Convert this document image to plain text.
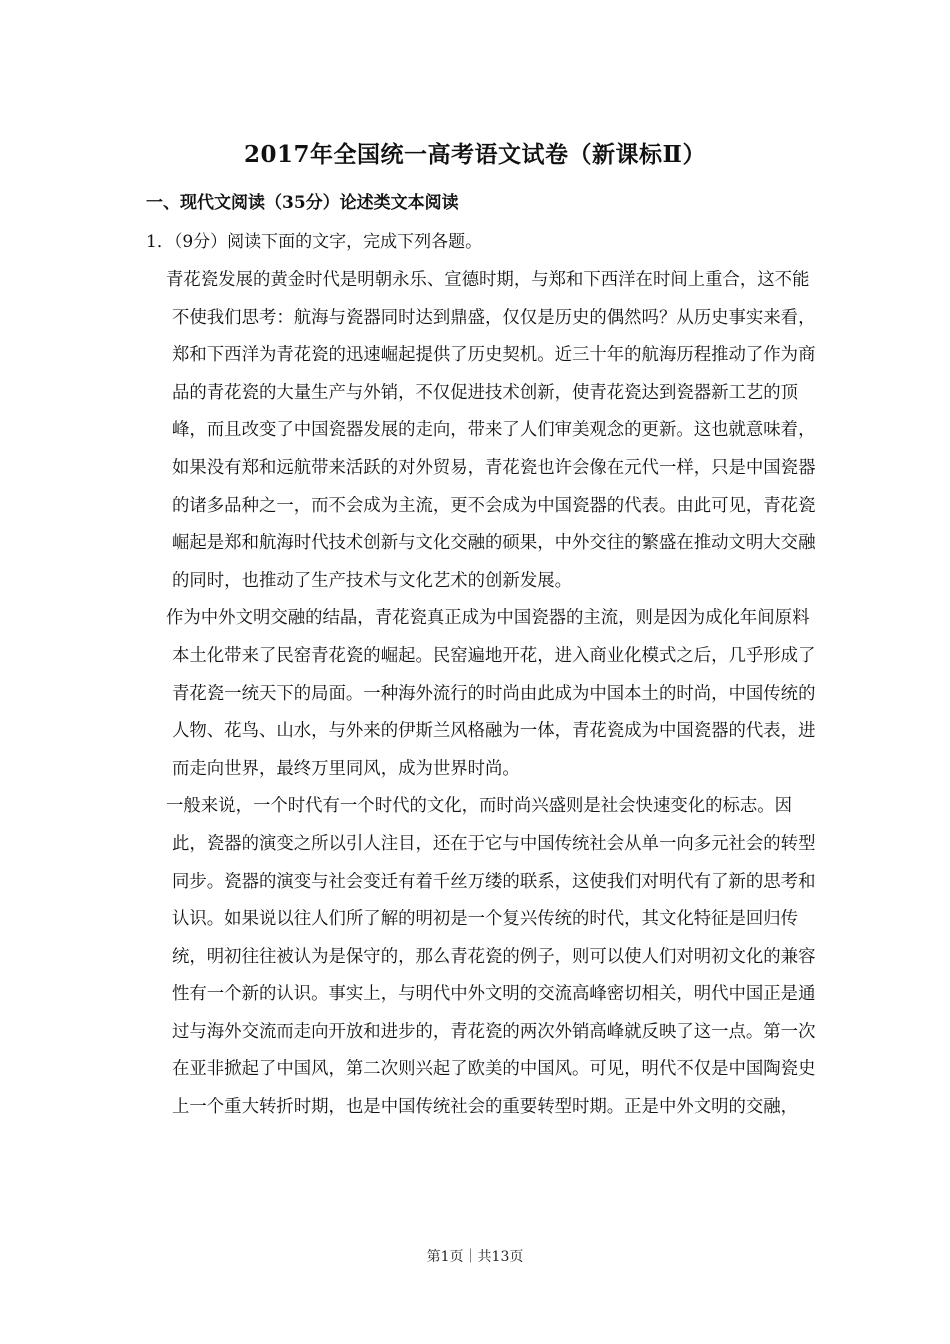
2017年全国统一高考语文试卷（新课标Ⅱ）
一、现代文阅读（35分）论述类文本阅读
1．（9分）阅读下面的文字，完成下列各题。

青花瓷发展的黄金时代是明朝永乐、宣德时期，与郑和下西洋在时间上重合，这不能不使我们思考：航海与瓷器同时达到鼎盛，仅仅是历史的偶然吗？从历史事实来看，郑和下西洋为青花瓷的迅速崛起提供了历史契机。近三十年的航海历程推动了作为商品的青花瓷的大量生产与外销，不仅促进技术创新，使青花瓷达到瓷器新工艺的顶峰，而且改变了中国瓷器发展的走向，带来了人们审美观念的更新。这也就意味着，如果没有郑和远航带来活跃的对外贸易，青花瓷也许会像在元代一样，只是中国瓷器的诸多品种之一，而不会成为主流，更不会成为中国瓷器的代表。由此可见，青花瓷崛起是郑和航海时代技术创新与文化交融的硕果，中外交往的繁盛在推动文明大交融的同时，也推动了生产技术与文化艺术的创新发展。

作为中外文明交融的结晶，青花瓷真正成为中国瓷器的主流，则是因为成化年间原料本土化带来了民窑青花瓷的崛起。民窑遍地开花，进入商业化模式之后，几乎形成了青花瓷一统天下的局面。一种海外流行的时尚由此成为中国本土的时尚，中国传统的人物、花鸟、山水，与外来的伊斯兰风格融为一体，青花瓷成为中国瓷器的代表，进而走向世界，最终万里同风，成为世界时尚。

一般来说，一个时代有一个时代的文化，而时尚兴盛则是社会快速变化的标志。因此，瓷器的演变之所以引人注目，还在于它与中国传统社会从单一向多元社会的转型同步。瓷器的演变与社会变迁有着千丝万缕的联系，这使我们对明代有了新的思考和认识。如果说以往人们所了解的明初是一个复兴传统的时代，其文化特征是回归传统，明初往往被认为是保守的，那么青花瓷的例子，则可以使人们对明初文化的兼容性有一个新的认识。事实上，与明代中外文明的交流高峰密切相关，明代中国正是通过与海外交流而走向开放和进步的，青花瓷的两次外销高峰就反映了这一点。第一次在亚非掀起了中国风，第二次则兴起了欧美的中国风。可见，明代不仅是中国陶瓷史上一个重大转折时期，也是中国传统社会的重要转型时期。正是中外文明的交融，

第1页｜共13页
